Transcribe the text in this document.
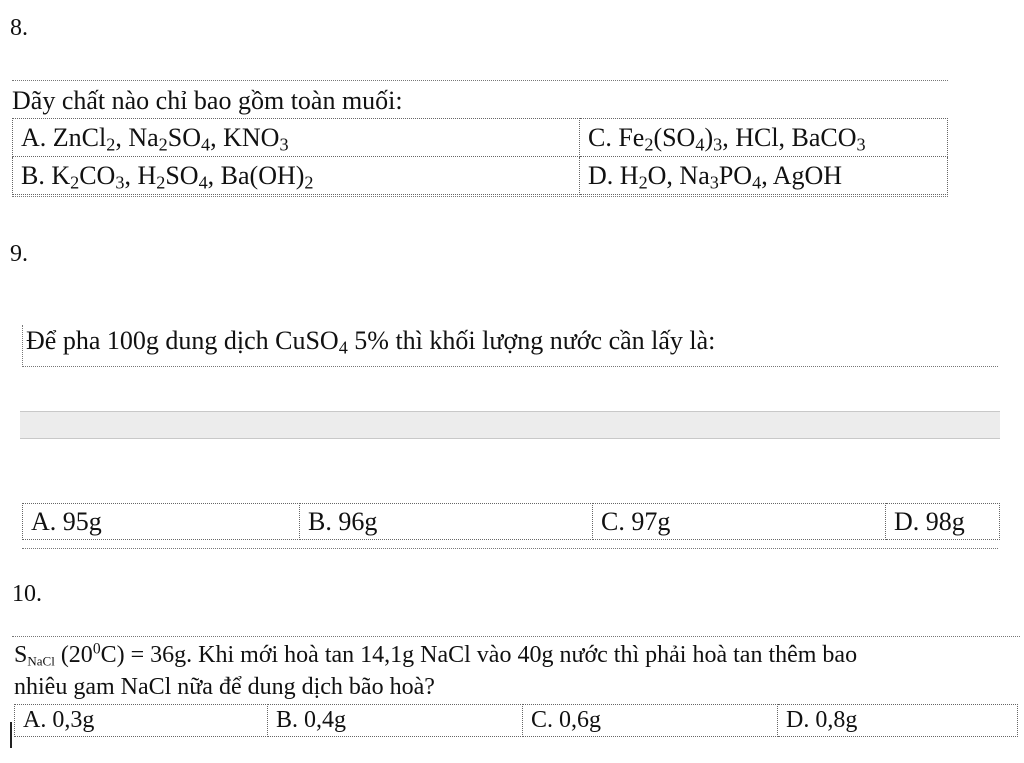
8.
Dãy chất nào chỉ bao gồm toàn muối:
A. ZnCl$_2$, $Na_2SO_4$, $KNO_3$	C. $Fe_2(SO_4)_3$, HCl, BaCO$_3$
B. $K_2CO_3$, $H_2SO_4$, $Ba(OH)_2$	D. $H_2O$, $Na_3PO_4$, AgOH
9.
Để pha 100g dung dịch CuSO$_4$ 5% thì khối lượng nước cần lấy là:
A. 95g	B. 96g	C. 97g	D. 98g
10.
$S_{NaCl}$ $(20^0C) = 36g$. Khi mới hoà tan 14,1g NaCl vào 40g nước thì phải hoà tan thêm bao
nhiêu gam NaCl nữa để dung dịch bão hoà?
A. 0,3g	B. 0,4g	C. 0,6g	D. 0,8g
